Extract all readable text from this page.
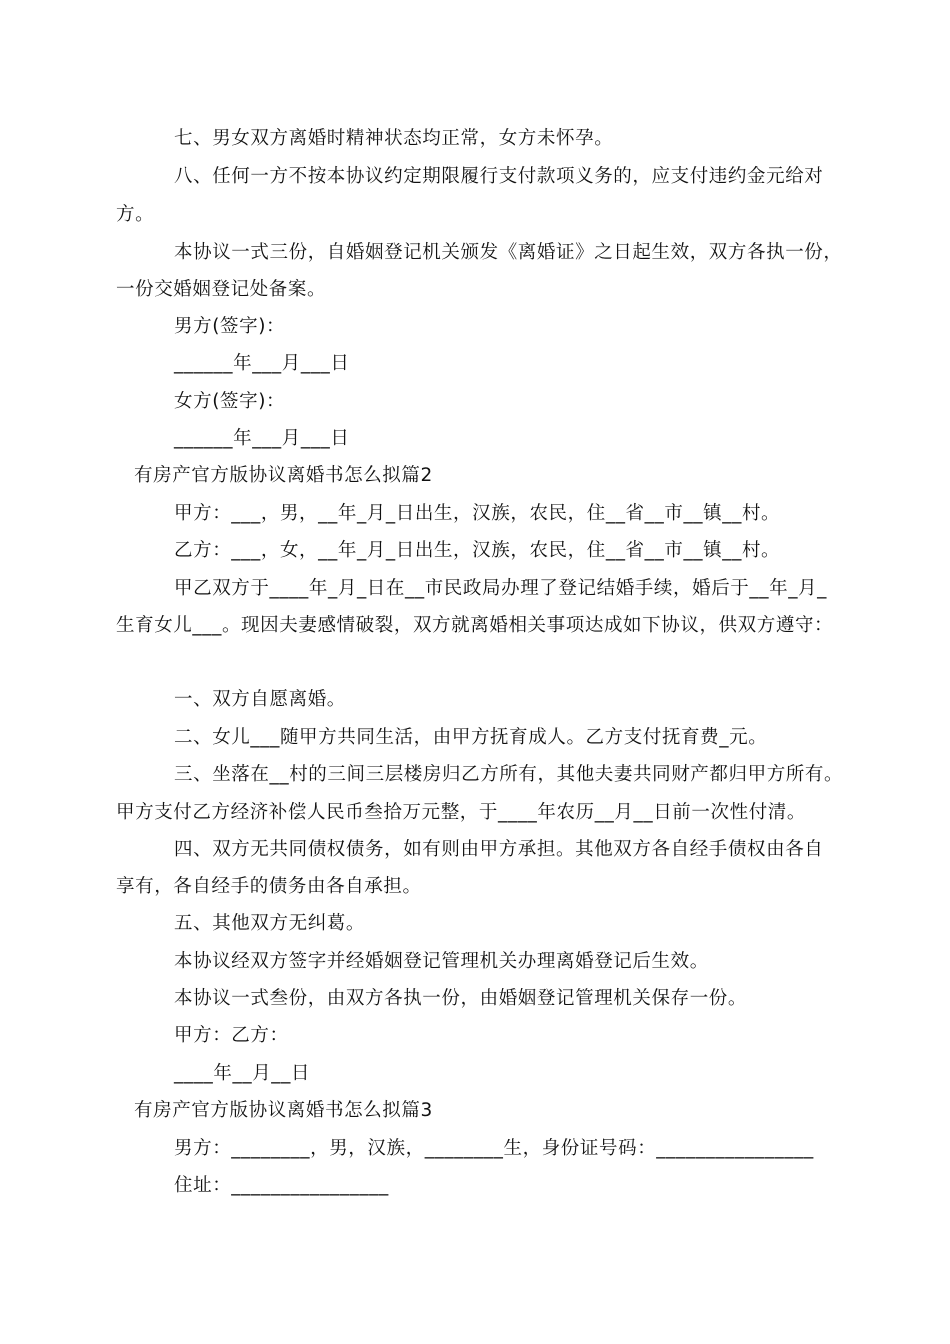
七、男女双方离婚时精神状态均正常，女方未怀孕。
八、任何一方不按本协议约定期限履行支付款项义务的，应支付违约金元给对
方。
本协议一式三份，自婚姻登记机关颁发《离婚证》之日起生效，双方各执一份，
一份交婚姻登记处备案。
男方(签字)：
______年___月___日
女方(签字)：
______年___月___日
有房产官方版协议离婚书怎么拟篇2
甲方：___，男，__年_月_日出生，汉族，农民，住__省__市__镇__村。
乙方：___，女，__年_月_日出生，汉族，农民，住__省__市__镇__村。
甲乙双方于____年_月_日在__市民政局办理了登记结婚手续，婚后于__年_月_
生育女儿___。现因夫妻感情破裂，双方就离婚相关事项达成如下协议，供双方遵守：
一、双方自愿离婚。
二、女儿___随甲方共同生活，由甲方抚育成人。乙方支付抚育费_元。
三、坐落在__村的三间三层楼房归乙方所有，其他夫妻共同财产都归甲方所有。
甲方支付乙方经济补偿人民币叁拾万元整，于____年农历__月__日前一次性付清。
四、双方无共同债权债务，如有则由甲方承担。其他双方各自经手债权由各自
享有，各自经手的债务由各自承担。
五、其他双方无纠葛。
本协议经双方签字并经婚姻登记管理机关办理离婚登记后生效。
本协议一式叁份，由双方各执一份，由婚姻登记管理机关保存一份。
甲方：乙方：
____年__月__日
有房产官方版协议离婚书怎么拟篇3
男方：________，男，汉族，________生，身份证号码：________________
住址：________________
